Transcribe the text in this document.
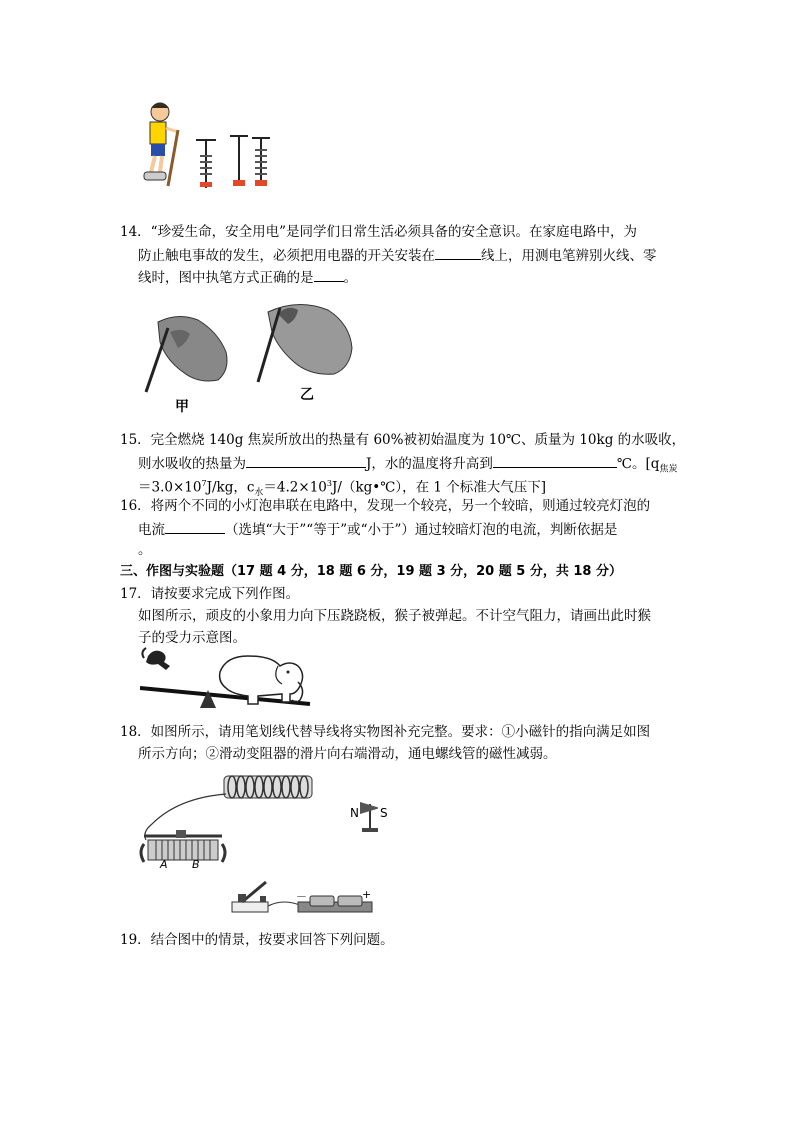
14．“珍爱生命，安全用电”是同学们日常生活必须具备的安全意识。在家庭电路中，为
防止触电事故的发生，必须把用电器的开关安装在	线上，用测电笔辨别火线、零
线时，图中执笔方式正确的是 。
甲
乙
15．完全燃烧 140g 焦炭所放出的热量有 60%被初始温度为 10℃、质量为 10kg 的水吸收，
则水吸收的热量为	J，水的温度将升高到	℃。[$q_{焦炭}$
$=3.0\times 10^7J/kg$，$c_水=4.2\times 10^3J/(kg•℃)$，在 1 个标准大气压下]
16．将两个不同的小灯泡串联在电路中，发现一个较亮，另一个较暗，则通过较亮灯泡的
电流	（选填“大于”“等于”或“小于”）通过较暗灯泡的电流，判断依据是
。
三、作图与实验题（17 题 4 分，18 题 6 分，19 题 3 分，20 题 5 分，共 18 分）
17．请按要求完成下列作图。
如图所示，顽皮的小象用力向下压跷跷板，猴子被弹起。不计空气阻力，请画出此时猴
子的受力示意图。
18．如图所示，请用笔划线代替导线将实物图补充完整。要求：①小磁针的指向满足如图
所示方向；②滑动变阻器的滑片向右端滑动，通电螺线管的磁性减弱。
N S
A B
－	+
19．结合图中的情景，按要求回答下列问题。
